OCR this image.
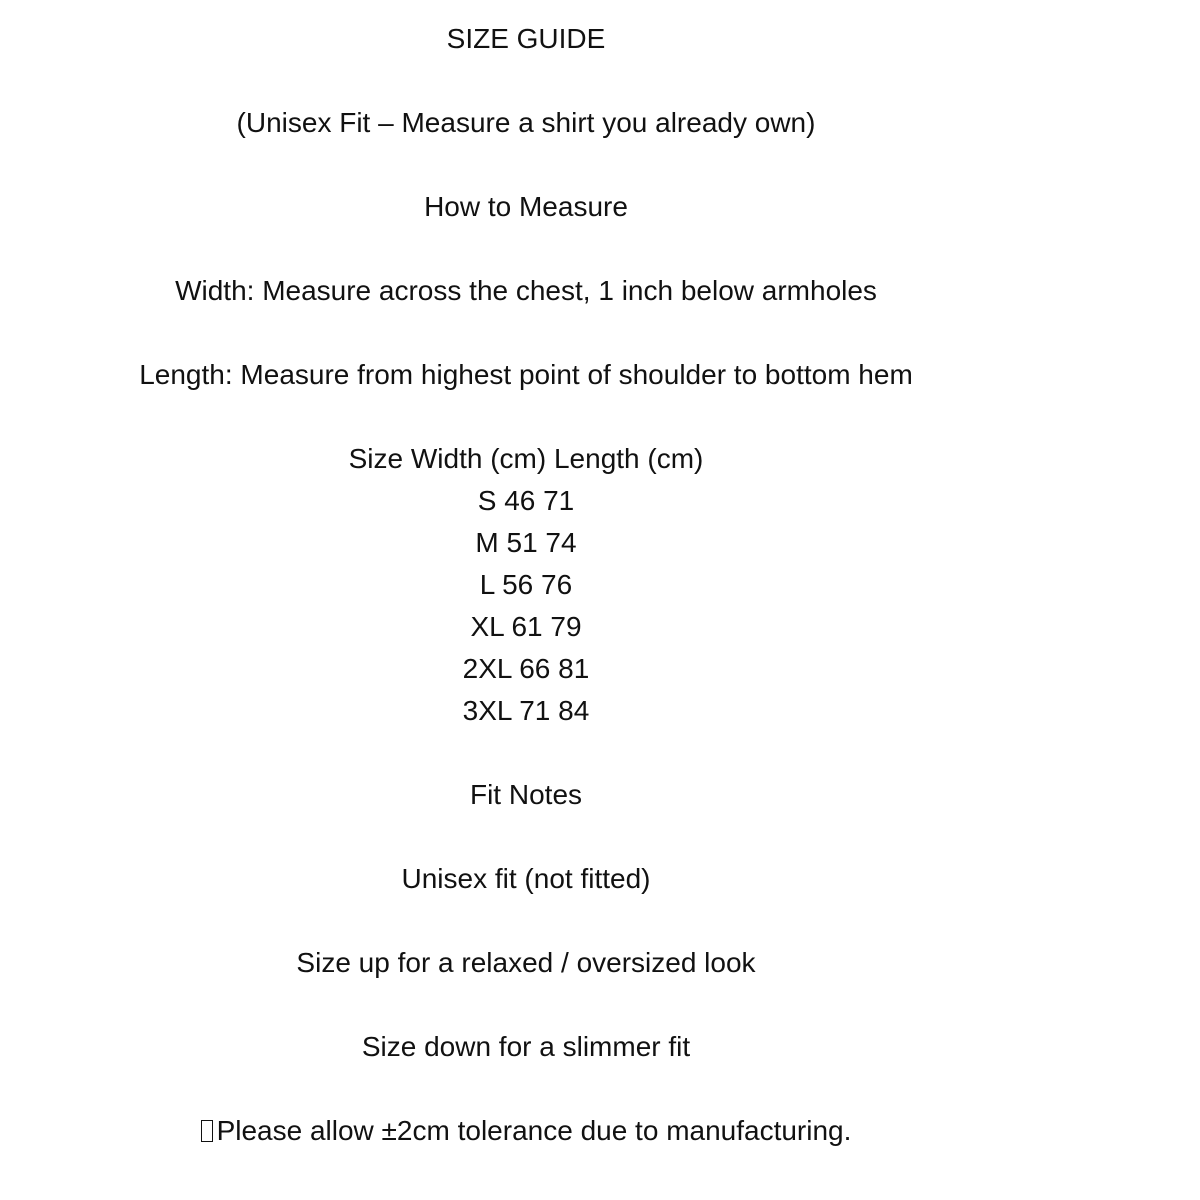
SIZE GUIDE
(Unisex Fit – Measure a shirt you already own)
How to Measure
Width: Measure across the chest, 1 inch below armholes
Length: Measure from highest point of shoulder to bottom hem
Size Width (cm) Length (cm)
S 46 71
M 51 74
L 56 76
XL 61 79
2XL 66 81
3XL 71 84
Fit Notes
Unisex fit (not fitted)
Size up for a relaxed / oversized look
Size down for a slimmer fit
Please allow ±2cm tolerance due to manufacturing.
